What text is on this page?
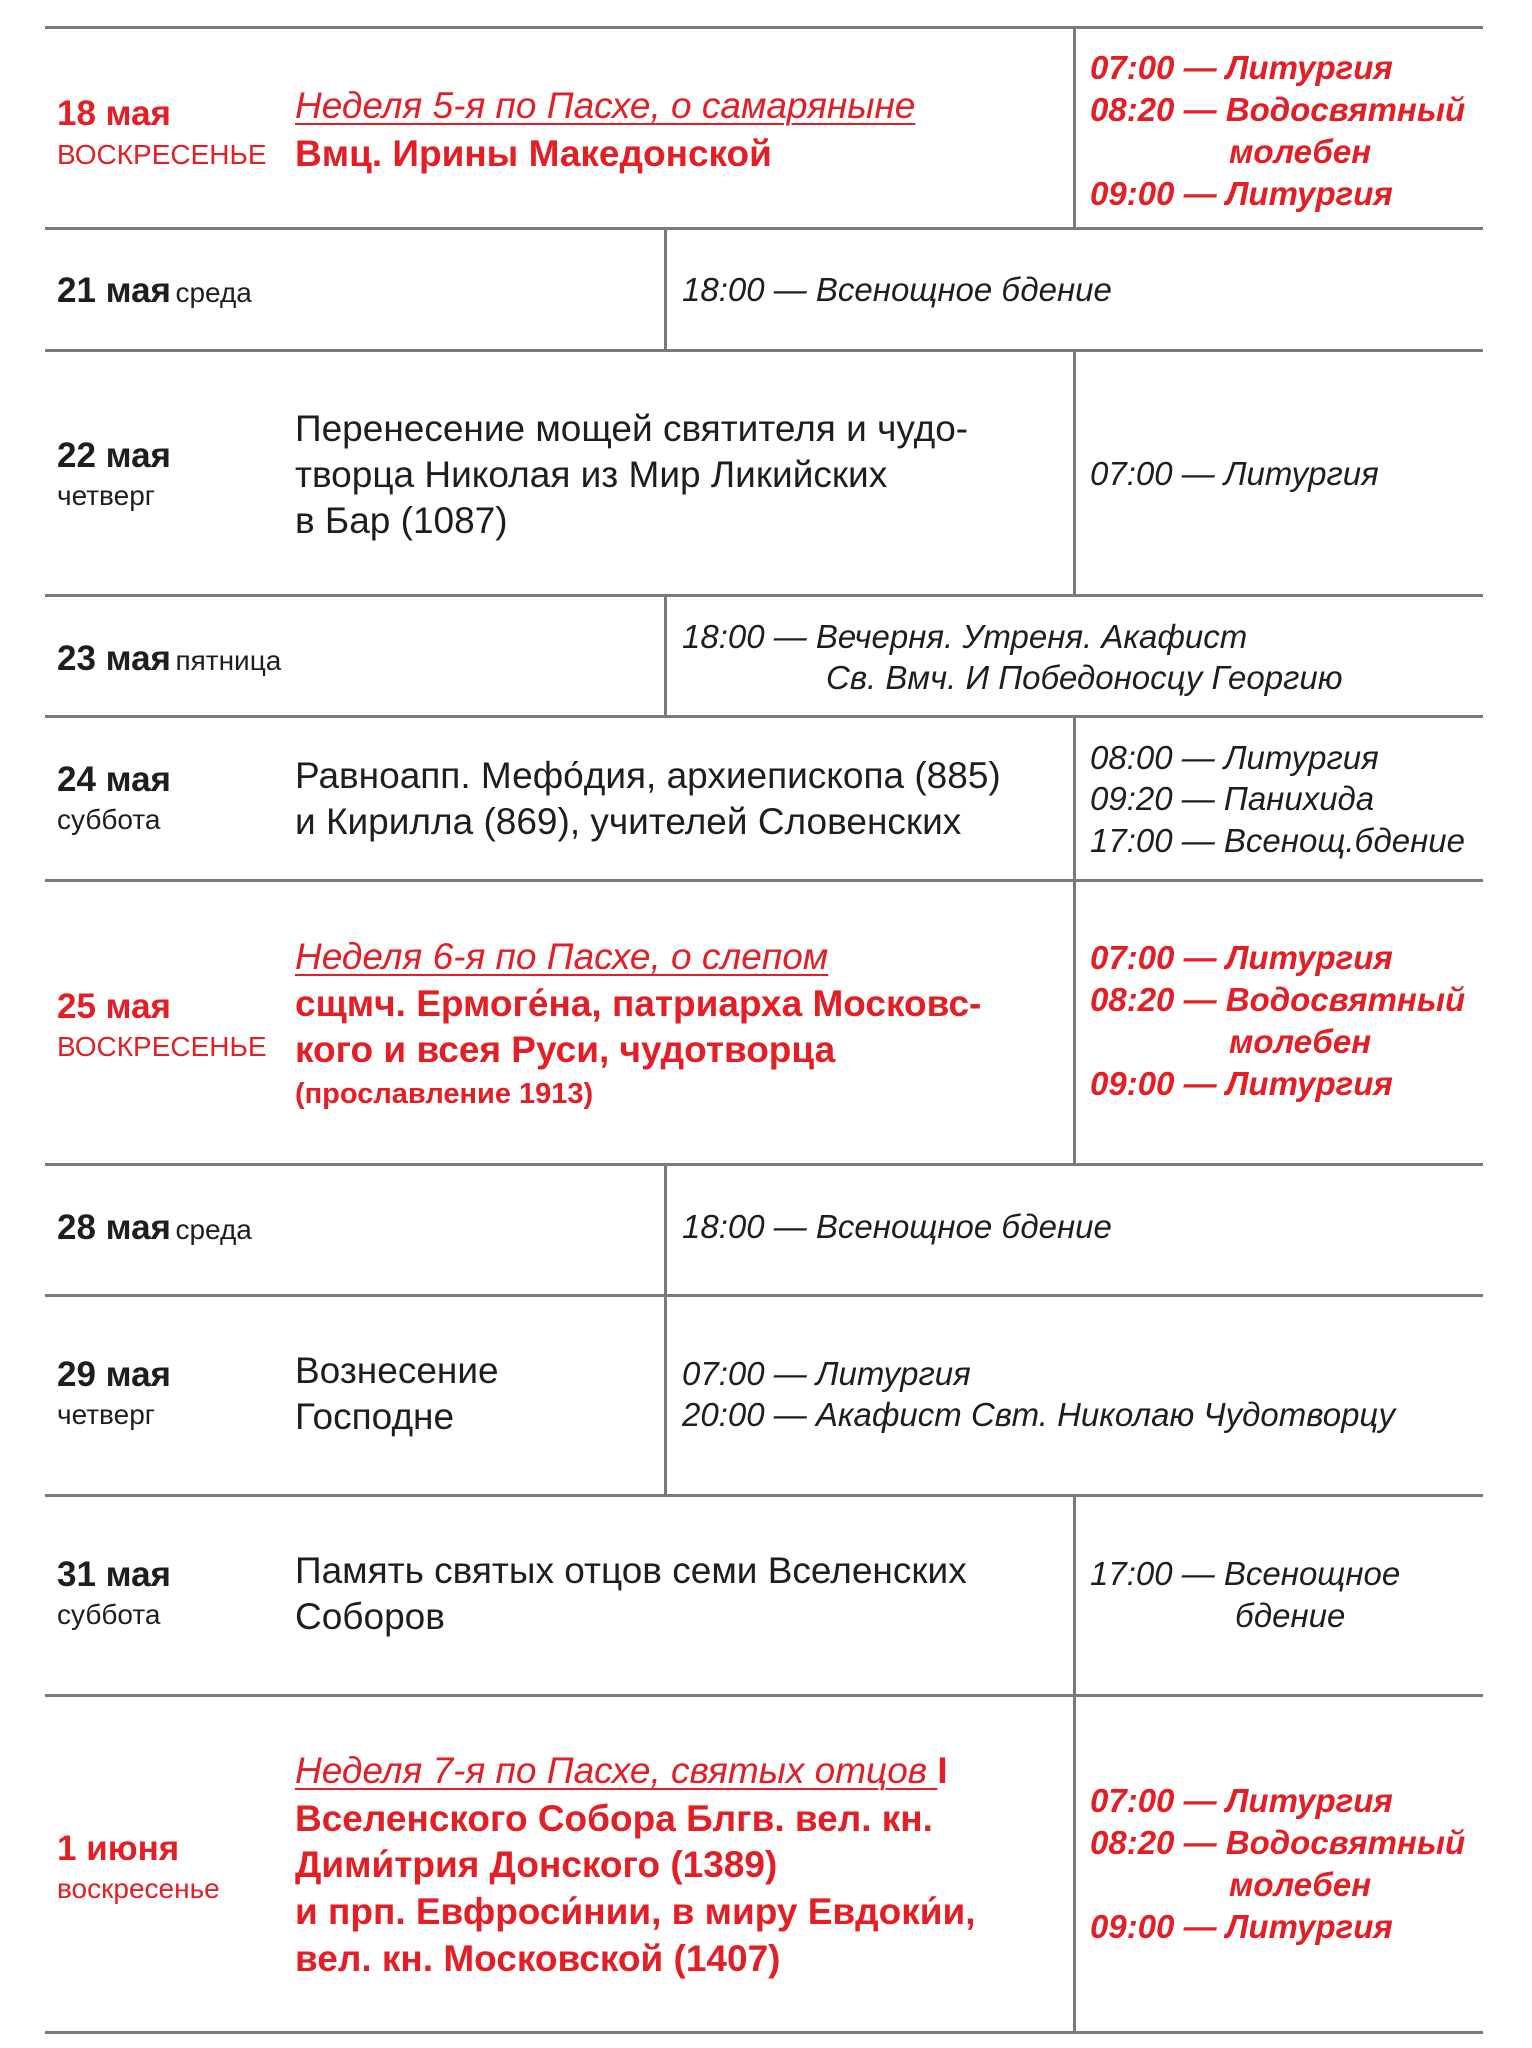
18 мая
ВОСКРЕСЕНЬЕ
Неделя 5-я по Пасхе, о самаряныне
Вмц. Ирины Македонской
07:00 — Литургия
08:20 — Водосвятный
молебен
09:00 — Литургия
21 мая среда	18:00 — Всенощное бдение
22 мая
четверг
Перенесение мощей святителя и чудо-
творца Николая из Мир Ликийских
в Бар (1087)
07:00 — Литургия
23 мая пятница
18:00 — Вечерня. Утреня. Акафист
Св. Вмч. И Победоносцу Георгию
24 мая
суббота
Равноапп. Мефо́дия, архиепископа (885)
и Кирилла (869), учителей Словенских
08:00 — Литургия
09:20 — Панихида
17:00 — Всенощ.бдение
25 мая
ВОСКРЕСЕНЬЕ
Неделя 6-я по Пасхе, о слепом
сщмч. Ермоге́на, патриарха Московс-
кого и всея Руси, чудотворца
(прославление 1913)
07:00 — Литургия
08:20 — Водосвятный
молебен
09:00 — Литургия
28 мая среда	18:00 — Всенощное бдение
29 мая
четверг
Вознесение
Господне
07:00 — Литургия
20:00 — Акафист Свт. Николаю Чудотворцу
31 мая
суббота
Память святых отцов семи Вселенских
Соборов
17:00 — Всенощное
бдение
1 июня
воскресенье
Неделя 7-я по Пасхе, святых отцов I
Вселенского Собора Блгв. вел. кн.
Дими́трия Донского (1389)
и прп. Евфроси́нии, в миру Евдоки́и,
вел. кн. Московской (1407)
07:00 — Литургия
08:20 — Водосвятный
молебен
09:00 — Литургия
